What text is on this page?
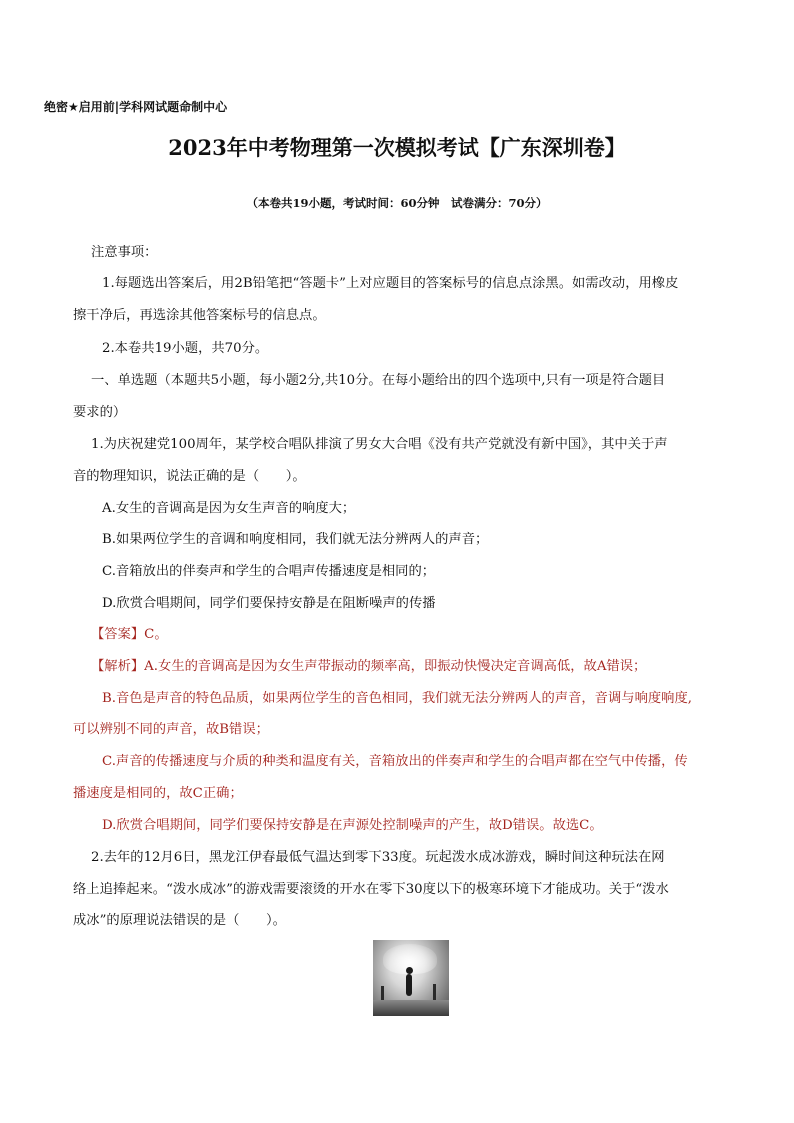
绝密★启用前|学科网试题命制中心
2023年中考物理第一次模拟考试【广东深圳卷】
（本卷共19小题，考试时间：60分钟　试卷满分：70分）
注意事项：
1.每题选出答案后，用2B铅笔把“答题卡”上对应题目的答案标号的信息点涂黑。如需改动，用橡皮
擦干净后，再选涂其他答案标号的信息点。
2.本卷共19小题，共70分。
一、单选题（本题共5小题，每小题2分,共10分。在每小题给出的四个选项中,只有一项是符合题目
要求的）
1.为庆祝建党100周年，某学校合唱队排演了男女大合唱《没有共产党就没有新中国》，其中关于声
音的物理知识，说法正确的是（　　）。
A.女生的音调高是因为女生声音的响度大；
B.如果两位学生的音调和响度相同，我们就无法分辨两人的声音；
C.音箱放出的伴奏声和学生的合唱声传播速度是相同的；
D.欣赏合唱期间，同学们要保持安静是在阻断噪声的传播
【答案】C。
【解析】A.女生的音调高是因为女生声带振动的频率高，即振动快慢决定音调高低，故A错误；
B.音色是声音的特色品质，如果两位学生的音色相同，我们就无法分辨两人的声音，音调与响度响度,
可以辨别不同的声音，故B错误；
C.声音的传播速度与介质的种类和温度有关，音箱放出的伴奏声和学生的合唱声都在空气中传播，传
播速度是相同的，故C正确；
D.欣赏合唱期间，同学们要保持安静是在声源处控制噪声的产生，故D错误。故选C。
2.去年的12月6日，黑龙江伊春最低气温达到零下33度。玩起泼水成冰游戏，瞬时间这种玩法在网
络上追捧起来。“泼水成冰”的游戏需要滚烫的开水在零下30度以下的极寒环境下才能成功。关于“泼水
成冰”的原理说法错误的是（　　）。
